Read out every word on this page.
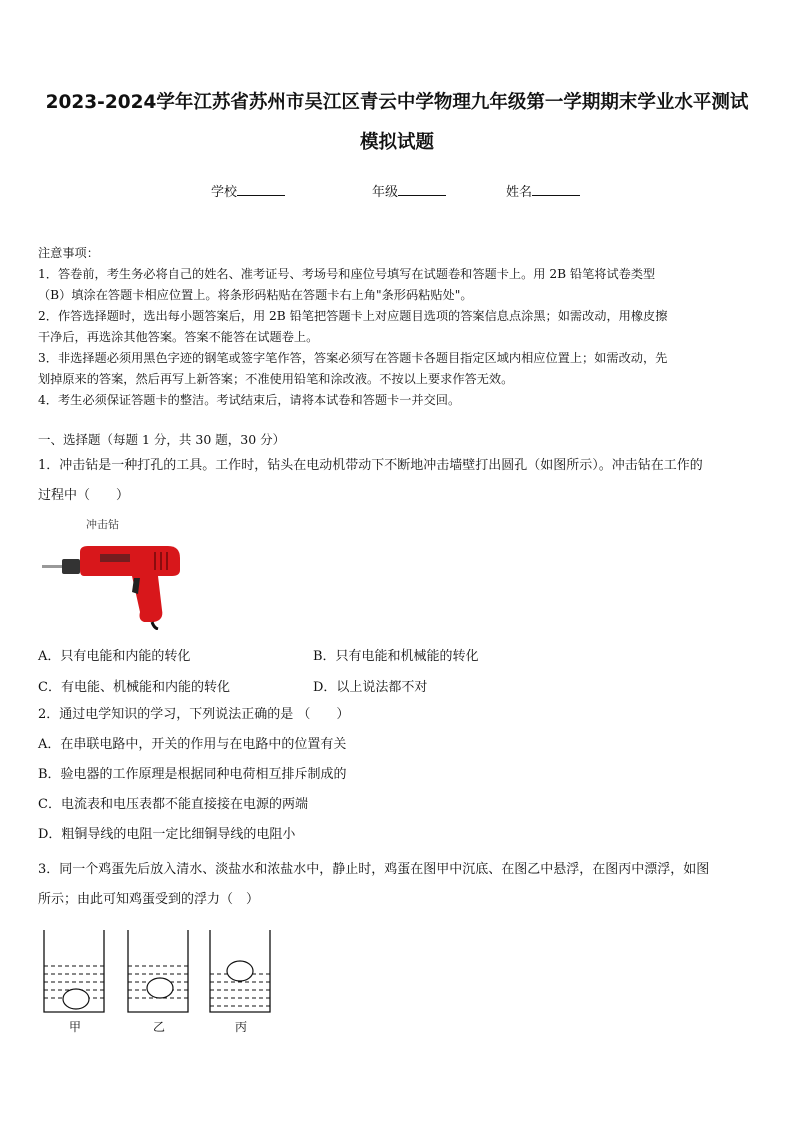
2023-2024学年江苏省苏州市吴江区青云中学物理九年级第一学期期末学业水平测试
模拟试题
学校	年级	姓名

注意事项：

1．答卷前，考生务必将自己的姓名、准考证号、考场号和座位号填写在试题卷和答题卡上。用 2B 铅笔将试卷类型

（B）填涂在答题卡相应位置上。将条形码粘贴在答题卡右上角"条形码粘贴处"。

2．作答选择题时，选出每小题答案后，用 2B 铅笔把答题卡上对应题目选项的答案信息点涂黑；如需改动，用橡皮擦

干净后，再选涂其他答案。答案不能答在试题卷上。

3．非选择题必须用黑色字迹的钢笔或签字笔作答，答案必须写在答题卡各题目指定区域内相应位置上；如需改动，先

划掉原来的答案，然后再写上新答案；不准使用铅笔和涂改液。不按以上要求作答无效。

4．考生必须保证答题卡的整洁。考试结束后，请将本试卷和答题卡一并交回。

一、选择题（每题 1 分，共 30 题，30 分）

1．冲击钻是一种打孔的工具。工作时，钻头在电动机带动下不断地冲击墙壁打出圆孔（如图所示）。冲击钻在工作的

过程中（　　）

冲击钻
A．只有电能和内能的转化	B．只有电能和机械能的转化
C．有电能、机械能和内能的转化	D．以上说法都不对

2．通过电学知识的学习，下列说法正确的是 （　　）

A．在串联电路中，开关的作用与在电路中的位置有关

B．验电器的工作原理是根据同种电荷相互排斥制成的

C．电流表和电压表都不能直接接在电源的两端

D．粗铜导线的电阻一定比细铜导线的电阻小

3．同一个鸡蛋先后放入清水、淡盐水和浓盐水中，静止时，鸡蛋在图甲中沉底、在图乙中悬浮，在图丙中漂浮，如图

所示；由此可知鸡蛋受到的浮力（　）

甲	乙	丙
